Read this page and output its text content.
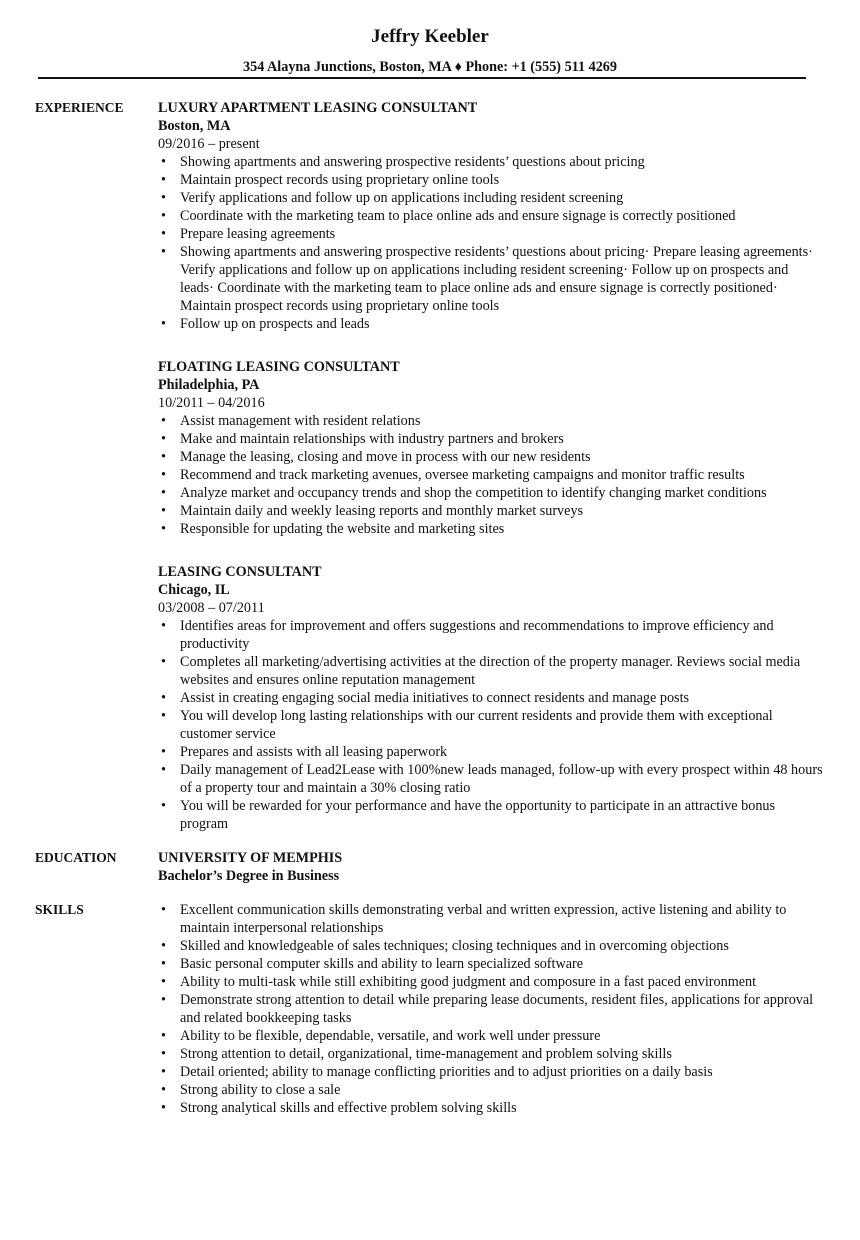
Jeffry Keebler
354 Alayna Junctions, Boston, MA ♦ Phone: +1 (555) 511 4269
EXPERIENCE	LUXURY APARTMENT LEASING CONSULTANT
Boston, MA
09/2016 – present
• Showing apartments and answering prospective residents’ questions about pricing
• Maintain prospect records using proprietary online tools
• Verify applications and follow up on applications including resident screening
• Coordinate with the marketing team to place online ads and ensure signage is correctly positioned
• Prepare leasing agreements
• Showing apartments and answering prospective residents’ questions about pricing· Prepare leasing agreements· Verify applications and follow up on applications including resident screening· Follow up on prospects and leads· Coordinate with the marketing team to place online ads and ensure signage is correctly positioned· Maintain prospect records using proprietary online tools
• Follow up on prospects and leads
FLOATING LEASING CONSULTANT
Philadelphia, PA
10/2011 – 04/2016
• Assist management with resident relations
• Make and maintain relationships with industry partners and brokers
• Manage the leasing, closing and move in process with our new residents
• Recommend and track marketing avenues, oversee marketing campaigns and monitor traffic results
• Analyze market and occupancy trends and shop the competition to identify changing market conditions
• Maintain daily and weekly leasing reports and monthly market surveys
• Responsible for updating the website and marketing sites
LEASING CONSULTANT
Chicago, IL
03/2008 – 07/2011
• Identifies areas for improvement and offers suggestions and recommendations to improve efficiency and productivity
• Completes all marketing/advertising activities at the direction of the property manager. Reviews social media websites and ensures online reputation management
• Assist in creating engaging social media initiatives to connect residents and manage posts
• You will develop long lasting relationships with our current residents and provide them with exceptional customer service
• Prepares and assists with all leasing paperwork
• Daily management of Lead2Lease with 100%new leads managed, follow-up with every prospect within 48 hours of a property tour and maintain a 30% closing ratio
• You will be rewarded for your performance and have the opportunity to participate in an attractive bonus program
EDUCATION	UNIVERSITY OF MEMPHIS
Bachelor’s Degree in Business
SKILLS	• Excellent communication skills demonstrating verbal and written expression, active listening and ability to maintain interpersonal relationships
• Skilled and knowledgeable of sales techniques; closing techniques and in overcoming objections
• Basic personal computer skills and ability to learn specialized software
• Ability to multi-task while still exhibiting good judgment and composure in a fast paced environment
• Demonstrate strong attention to detail while preparing lease documents, resident files, applications for approval and related bookkeeping tasks
• Ability to be flexible, dependable, versatile, and work well under pressure
• Strong attention to detail, organizational, time-management and problem solving skills
• Detail oriented; ability to manage conflicting priorities and to adjust priorities on a daily basis
• Strong ability to close a sale
• Strong analytical skills and effective problem solving skills
